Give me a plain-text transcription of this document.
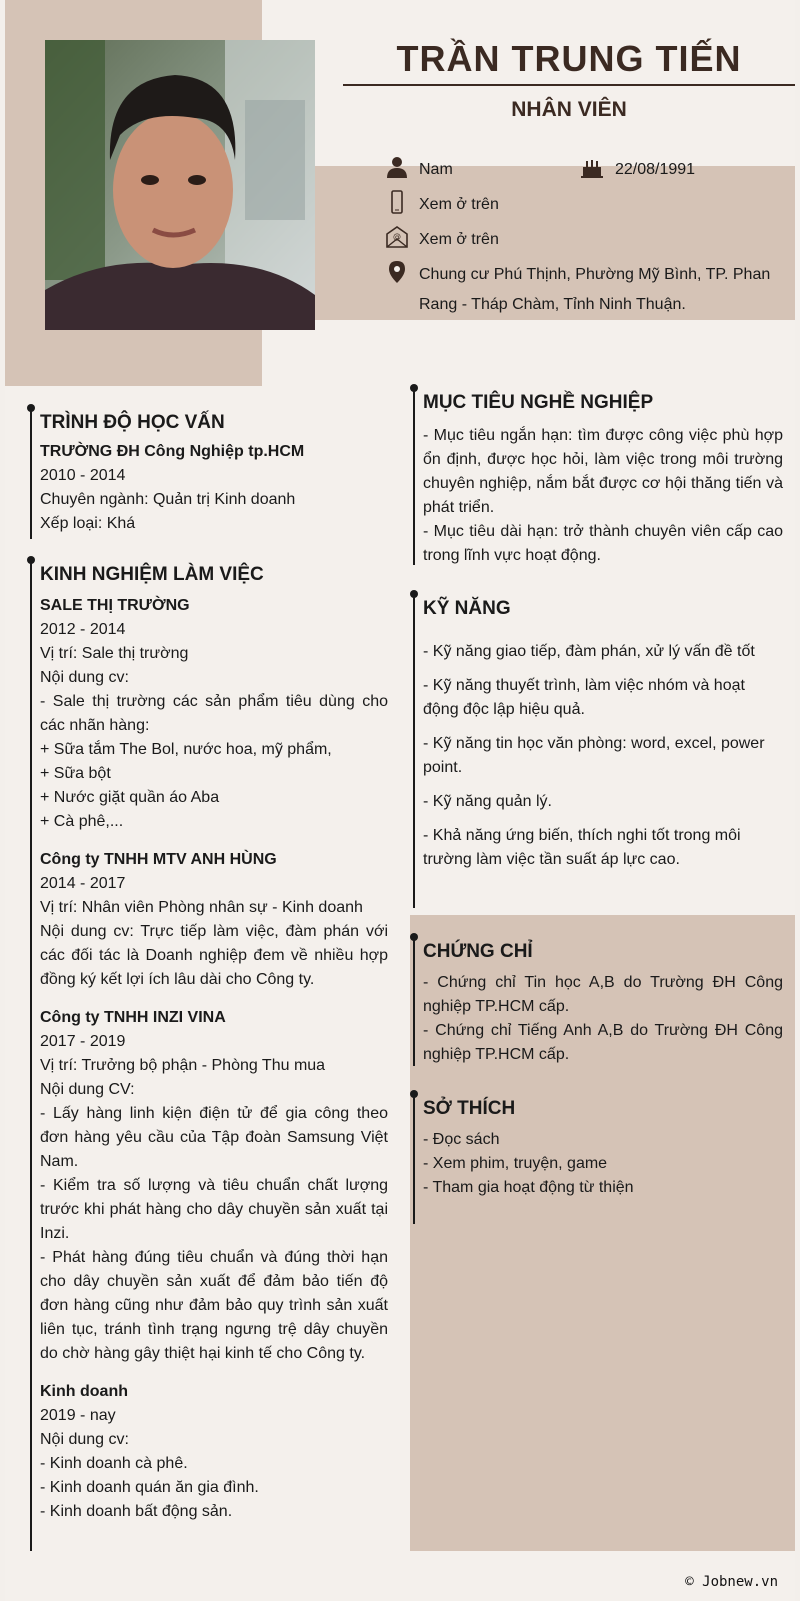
TRẦN TRUNG TIẾN
NHÂN VIÊN
Nam	22/08/1991
Xem ở trên
@ Xem ở trên
Chung cư Phú Thịnh, Phường Mỹ Bình, TP. Phan Rang - Tháp Chàm, Tỉnh Ninh Thuận.

TRÌNH ĐỘ HỌC VẤN

TRƯỜNG ĐH Công Nghiệp tp.HCM

2010 - 2014

Chuyên ngành: Quản trị Kinh doanh

Xếp loại: Khá

KINH NGHIỆM LÀM VIỆC

SALE THỊ TRƯỜNG

2012 - 2014

Vị trí: Sale thị trường

Nội dung cv:

- Sale thị trường các sản phẩm tiêu dùng cho các nhãn hàng:

+ Sữa tắm The Bol, nước hoa, mỹ phẩm,

+ Sữa bột

+ Nước giặt quần áo Aba

+ Cà phê,...

Công ty TNHH MTV ANH HÙNG

2014 - 2017

Vị trí: Nhân viên Phòng nhân sự - Kinh doanh

Nội dung cv: Trực tiếp làm việc, đàm phán với các đối tác là Doanh nghiệp đem về nhiều hợp đồng ký kết lợi ích lâu dài cho Công ty.

Công ty TNHH INZI VINA

2017 - 2019

Vị trí: Trưởng bộ phận - Phòng Thu mua

Nội dung CV:

- Lấy hàng linh kiện điện tử để gia công theo đơn hàng yêu cầu của Tập đoàn Samsung Việt Nam.

- Kiểm tra số lượng và tiêu chuẩn chất lượng trước khi phát hàng cho dây chuyền sản xuất tại Inzi.

- Phát hàng đúng tiêu chuẩn và đúng thời hạn cho dây chuyền sản xuất để đảm bảo tiến độ đơn hàng cũng như đảm bảo quy trình sản xuất liên tục, tránh tình trạng ngưng trệ dây chuyền do chờ hàng gây thiệt hại kinh tế cho Công ty.

Kinh doanh

2019 - nay

Nội dung cv:

- Kinh doanh cà phê.

- Kinh doanh quán ăn gia đình.

- Kinh doanh bất động sản.

MỤC TIÊU NGHỀ NGHIỆP

- Mục tiêu ngắn hạn: tìm được công việc phù hợp ổn định, được học hỏi, làm việc trong môi trường chuyên nghiệp, nắm bắt được cơ hội thăng tiến và phát triển.

- Mục tiêu dài hạn: trở thành chuyên viên cấp cao trong lĩnh vực hoạt động.

KỸ NĂNG

- Kỹ năng giao tiếp, đàm phán, xử lý vấn đề tốt

- Kỹ năng thuyết trình, làm việc nhóm và hoạt động độc lập hiệu quả.

- Kỹ năng tin học văn phòng: word, excel, power point.

- Kỹ năng quản lý.

- Khả năng ứng biến, thích nghi tốt trong môi trường làm việc tần suất áp lực cao.

CHỨNG CHỈ

- Chứng chỉ Tin học A,B do Trường ĐH Công nghiệp TP.HCM cấp.

- Chứng chỉ Tiếng Anh A,B do Trường ĐH Công nghiệp TP.HCM cấp.

SỞ THÍCH

- Đọc sách

- Xem phim, truyện, game

- Tham gia hoạt động từ thiện

© Jobnew.vn
